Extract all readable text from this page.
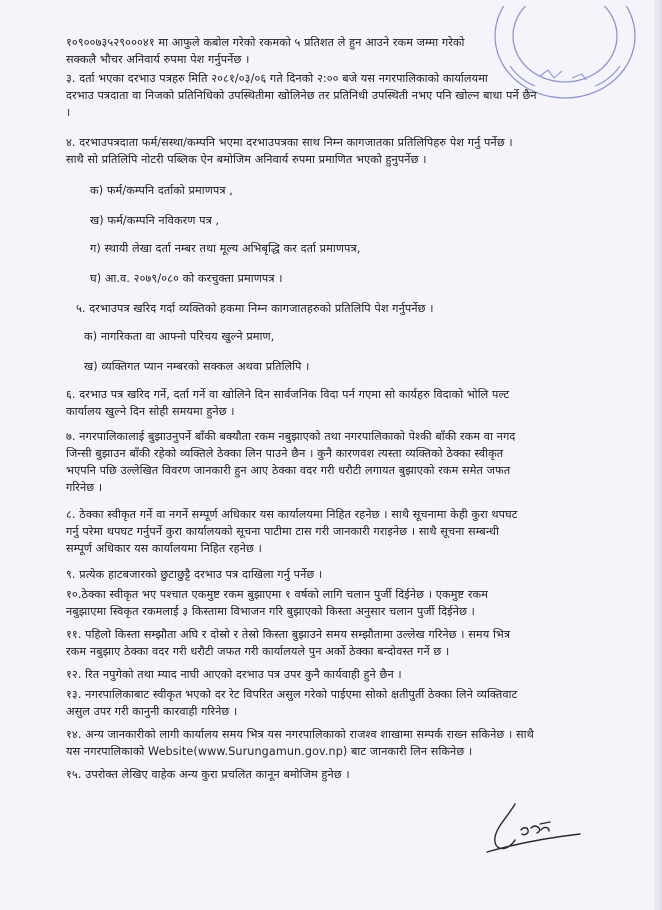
१०९००७३५२९०००४१ मा आफुले कबोल गरेको रकमको ५ प्रतिशत ले हुन आउने रकम जम्मा गरेको
सक्कलै भौचर अनिवार्य रुपमा पेश गर्नुपर्नेछ ।
३. दर्ता भएका दरभाउ पत्रहरु मिति २०८१/०३/०६ गते दिनको २:०० बजे यस नगरपालिकाको कार्यालयमा
दरभाउ पत्रदाता वा निजको प्रतिनिधिको उपस्थितीमा खोलिनेछ तर प्रतिनिधी उपस्थिती नभए पनि खोल्न बाधा पर्ने छैन
।
४. दरभाउपत्रदाता फर्म/सस्था/कम्पनि भएमा दरभाउपत्रका साथ निम्न कागजातका प्रतिलिपिहरु पेश गर्नु पर्नेछ ।
साथै सो प्रतिलिपि नोटरी पब्लिक ऐन बमोजिम अनिवार्य रुपमा प्रमाणित भएको हुनुपर्नेछ ।
क) फर्म/कम्पनि दर्ताको प्रमाणपत्र ,
ख) फर्म/कम्पनि नविकरण पत्र ,
ग) स्थायी लेखा दर्ता नम्बर तथा मूल्य अभिबृद्धि कर दर्ता प्रमाणपत्र,
घ) आ.व. २०७९/०८० को करचुक्ता प्रमाणपत्र ।
५. दरभाउपत्र खरिद गर्दा व्यक्तिको हकमा निम्न कागजातहरुको प्रतिलिपि पेश गर्नुपर्नेछ ।
क) नागरिकता वा आफ्नो परिचय खुल्ने प्रमाण,
ख) व्यक्तिगत प्यान नम्बरको सक्कल अथवा प्रतिलिपि ।
६. दरभाउ पत्र खरिद गर्ने, दर्ता गर्ने वा खोलिने दिन सार्वजनिक विदा पर्न गएमा सो कार्यहरु विदाको भोलि पल्ट
कार्यालय खुल्ने दिन सोही समयमा हुनेछ ।
७. नगरपालिकालाई बुझाउनुपर्ने बाँकी बक्यौता रकम नबुझाएको तथा नगरपालिकाको पेश्की बाँकी रकम वा नगद
जिन्सी बुझाउन बाँकी रहेको व्यक्तिले ठेक्का लिन पाउने छैन । कुनै कारणवश त्यस्ता व्यक्तिको ठेक्का स्वीकृत
भएपनि पछि उल्लेखित विवरण जानकारी हुन आए ठेक्का वदर गरी धरौटी लगायत बुझाएको रकम समेत जफत
गरिनेछ ।
८. ठेक्का स्वीकृत गर्ने वा नगर्ने सम्पूर्ण अधिकार यस कार्यालयमा निहित रहनेछ । साथै सूचनामा केही कुरा थपघट
गर्नु परेमा थपघट गर्नुपर्ने कुरा कार्यालयको सूचना पाटीमा टास गरी जानकारी गराइनेछ । साथै सूचना सम्बन्धी
सम्पूर्ण अधिकार यस कार्यालयमा निहित रहनेछ ।
९. प्रत्येक हाटबजारको छुटाछुट्टै दरभाउ पत्र दाखिला गर्नु पर्नेछ ।
१०.ठेक्का स्वीकृत भए पश्चात एकमुष्ट रकम बुझाएमा १ वर्षको लागि चलान पुर्जी दिईनेछ । एकमुष्ट रकम
नबुझाएमा स्विकृत रकमलाई ३ किस्तामा विभाजन गरि बुझाएको किस्ता अनुसार चलान पुर्जी दिईनेछ ।
११. पहिलो किस्ता सम्झौता अघि र दोस्रो र तेस्रो किस्ता बुझाउने समय सम्झौतामा उल्लेख गरिनेछ । समय भित्र
रकम नबुझाए ठेक्का वदर गरी धरौटी जफत गरी कार्यालयले पुन अर्को ठेक्का बन्दोवस्त गर्ने छ ।
१२. रित नपुगेको तथा म्याद नाघी आएको दरभाउ पत्र उपर कुनै कार्यवाही हुने छैन ।
१३. नगरपालिकाबाट स्वीकृत भएको दर रेट विपरित असुल गरेको पाईएमा सोको क्षतीपुर्ती ठेक्का लिने व्यक्तिवाट
असुल उपर गरी कानुनी कारवाही गरिनेछ ।
१४. अन्य जानकारीको लागी कार्यालय समय भित्र यस नगरपालिकाको राजश्व शाखामा सम्पर्क राख्न सकिनेछ । साथै
यस नगरपालिकाको Website(www.Surungamun.gov.np) बाट जानकारी लिन सकिनेछ ।
१५. उपरोक्त लेखिए वाहेक अन्य कुरा प्रचलित कानून बमोजिम हुनेछ ।
